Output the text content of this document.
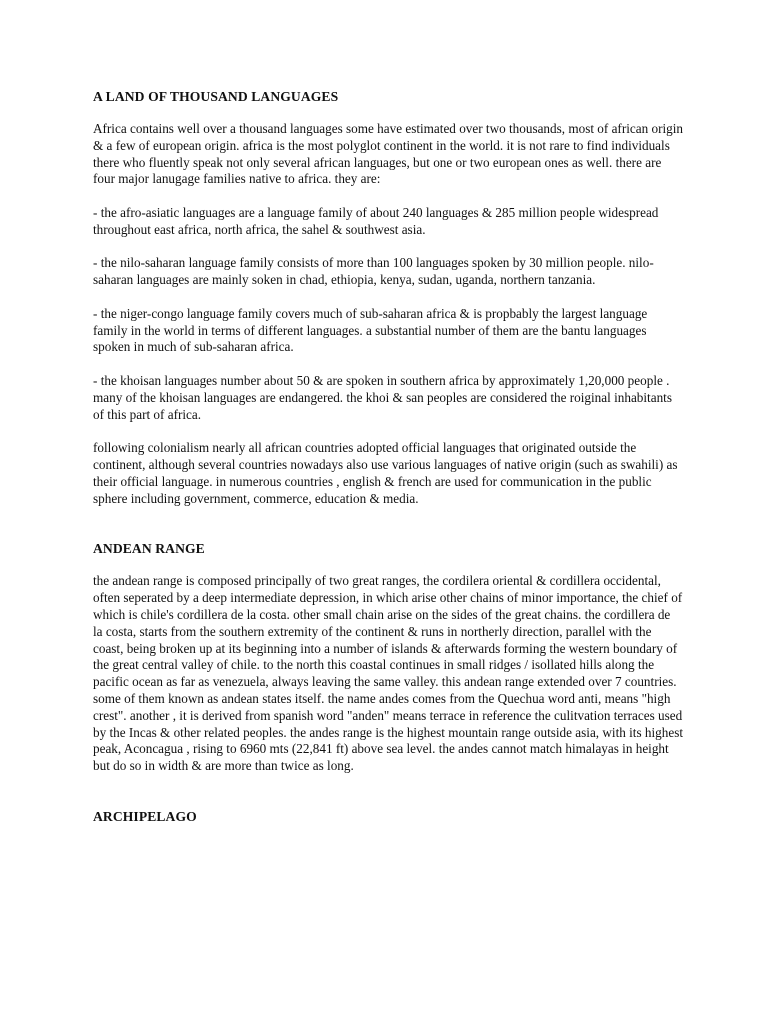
A LAND OF THOUSAND LANGUAGES

Africa contains well over a thousand languages some have estimated over two thousands, most of african origin & a few of european origin. africa is the most polyglot continent in the world. it is not rare to find individuals there who fluently speak not only several african languages, but one or two european ones as well. there are four major lanugage families native to africa. they are:

- the afro-asiatic languages are a language family of about 240 languages & 285 million people widespread throughout east africa, north africa, the sahel & southwest asia.

- the nilo-saharan language family consists of more than 100 languages spoken by 30 million people. nilo-saharan languages are mainly soken in chad, ethiopia, kenya, sudan, uganda, northern tanzania.

- the niger-congo language family covers much of sub-saharan africa & is propbably the largest language family in the world in terms of different languages. a substantial number of them are the bantu languages spoken in much of sub-saharan africa.

- the khoisan languages number about 50 & are spoken in southern africa by approximately 1,20,000 people . many of the khoisan languages are endangered. the khoi & san peoples are considered the roiginal inhabitants of this part of africa.

following colonialism nearly all african countries adopted official languages that originated outside the continent, although several countries nowadays also use various languages of native origin (such as swahili) as their official language. in numerous countries , english & french are used for communication in the public sphere including government, commerce, education & media.

ANDEAN RANGE

the andean range is composed principally of two great ranges, the cordilera oriental & cordillera occidental, often seperated by a deep intermediate depression, in which arise other chains of minor importance, the chief of which is chile's cordillera de la costa. other small chain arise on the sides of the great chains. the cordillera de la costa, starts from the southern extremity of the continent & runs in northerly direction, parallel with the coast, being broken up at its beginning into a number of islands & afterwards forming the western boundary of the great central valley of chile. to the north this coastal continues in small ridges / isollated hills along the pacific ocean as far as venezuela, always leaving the same valley. this andean range extended over 7 countries. some of them known as andean states itself. the name andes comes from the Quechua word anti, means "high crest". another , it is derived from spanish word "anden" means terrace in reference the culitvation terraces used by the Incas & other related peoples. the andes range is the highest mountain range outside asia, with its highest peak, Aconcagua , rising to 6960 mts (22,841 ft) above sea level. the andes cannot match himalayas in height but do so in width & are more than twice as long.

ARCHIPELAGO
